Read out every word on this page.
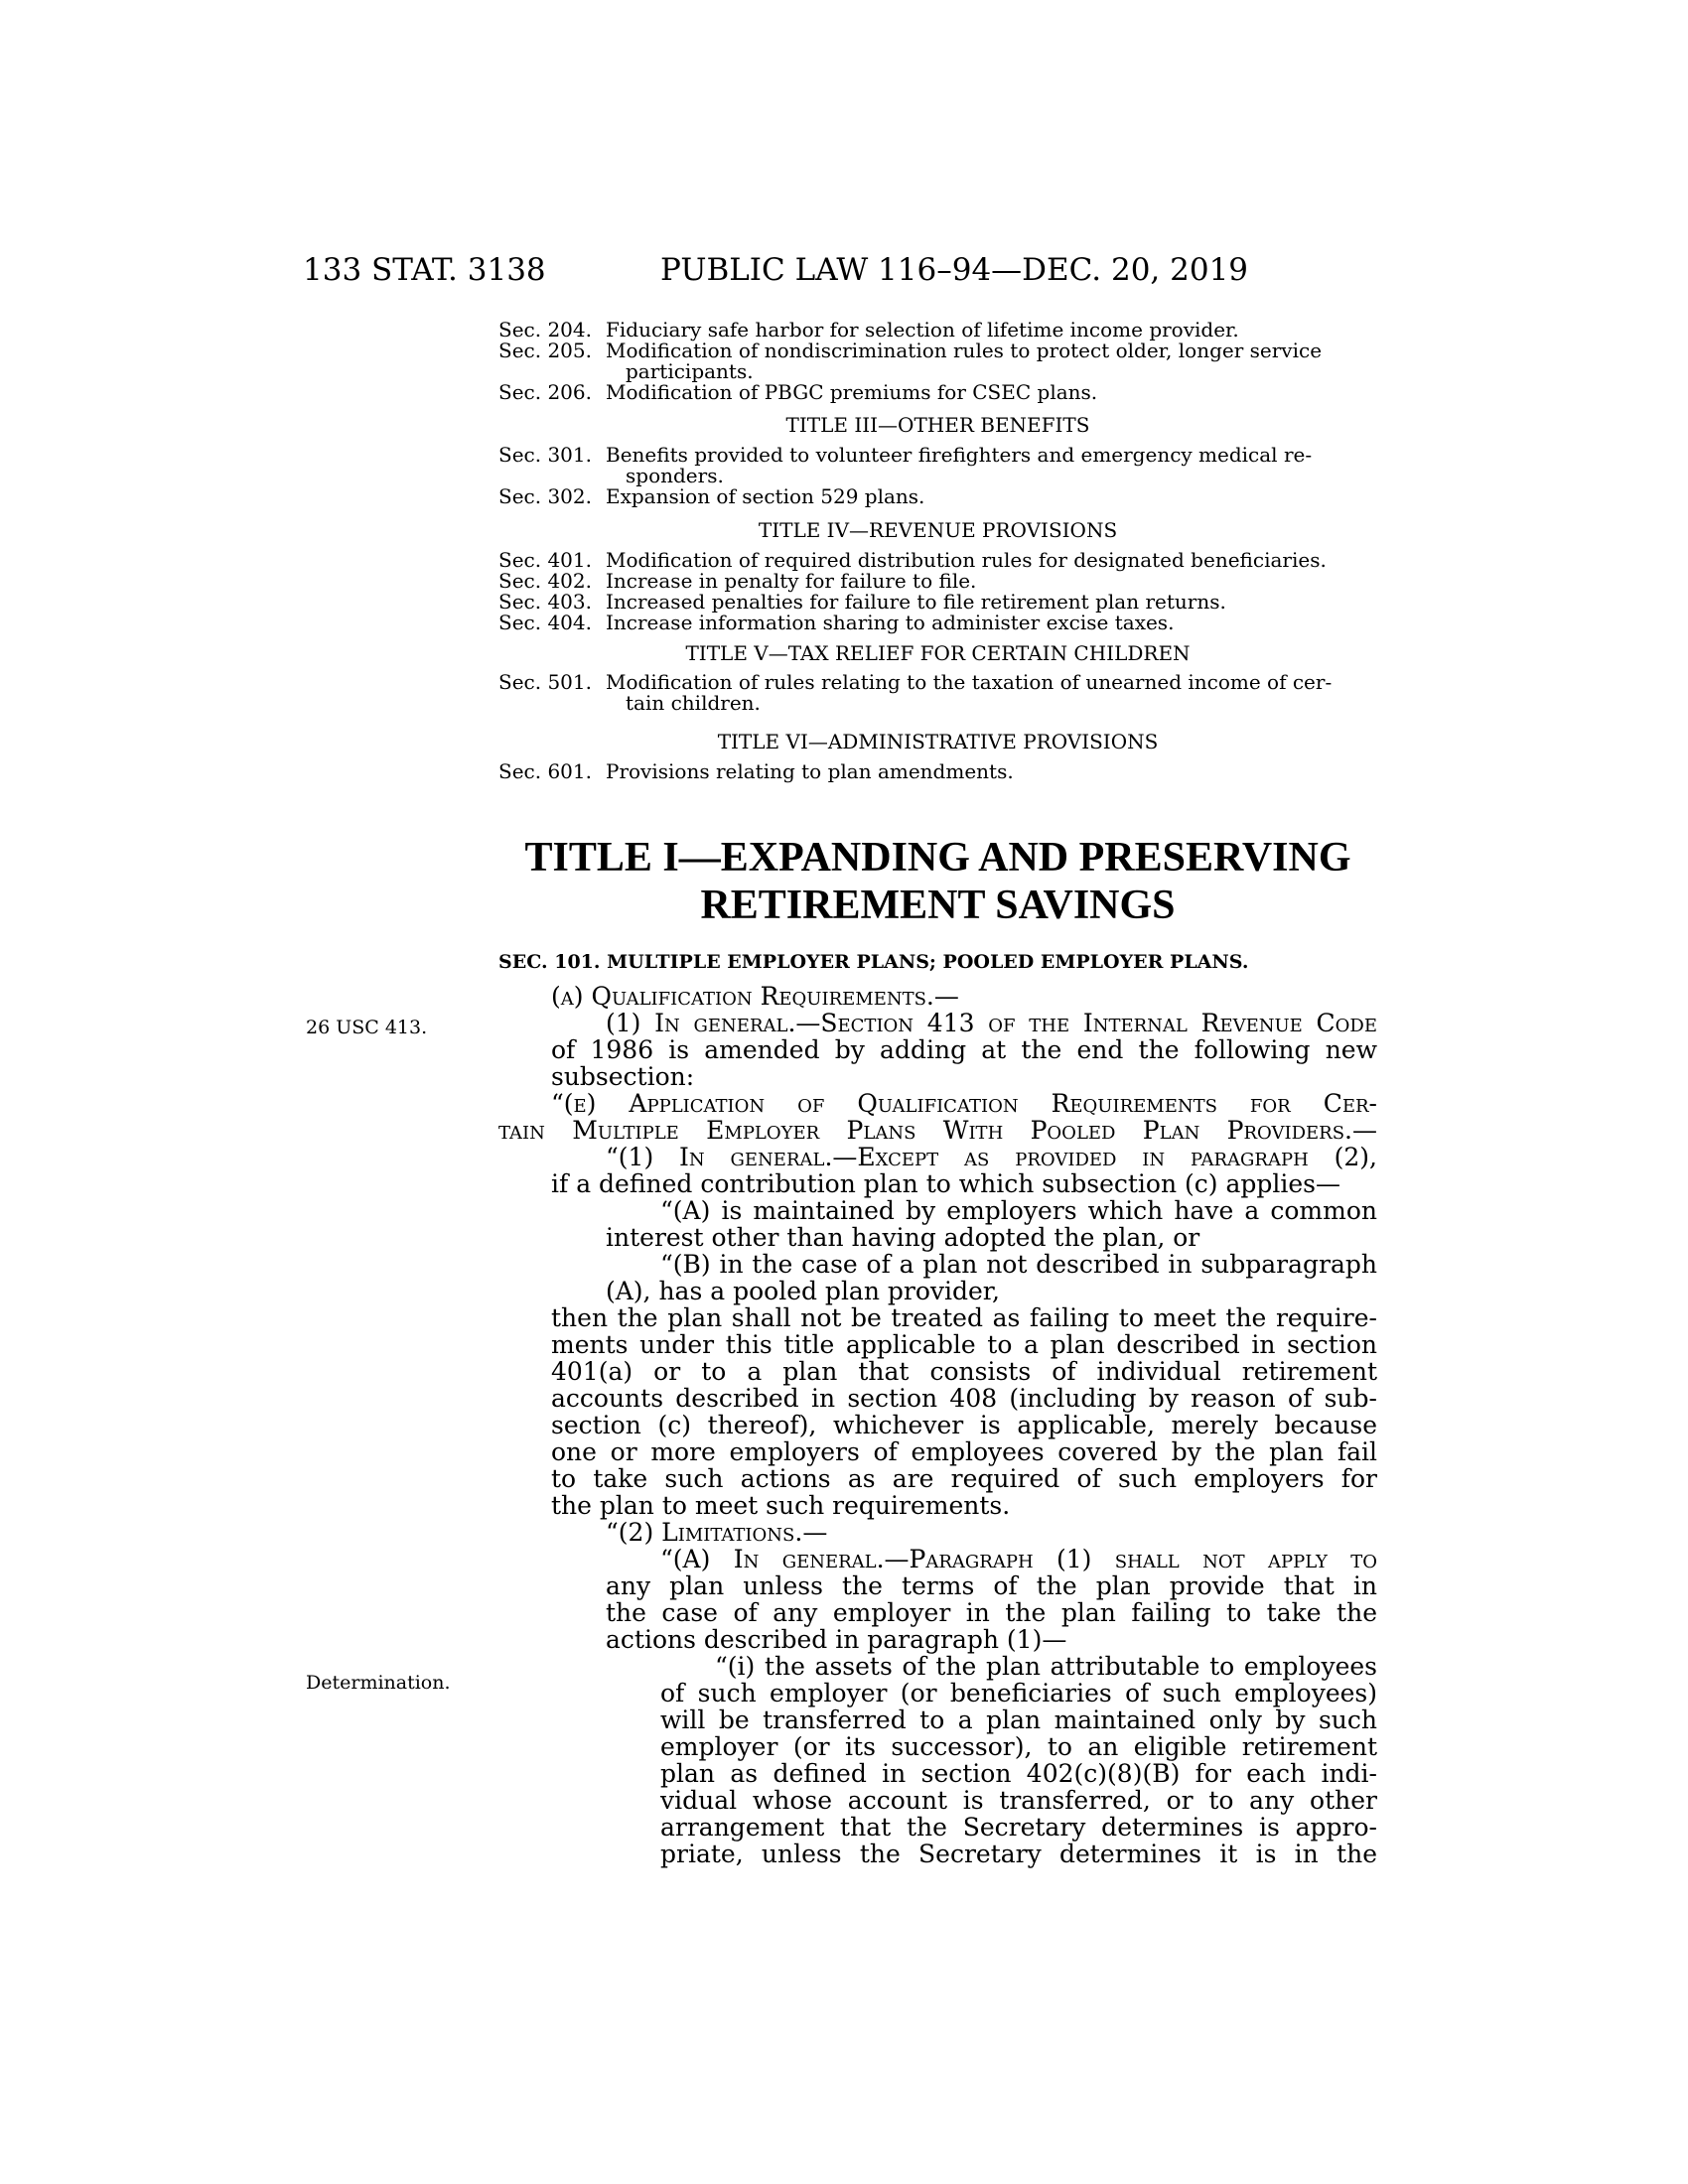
133 STAT. 3138	PUBLIC LAW 116–94—DEC. 20, 2019
Sec. 204. Fiduciary safe harbor for selection of lifetime income provider.
Sec. 205. Modification of nondiscrimination rules to protect older, longer service
participants.
Sec. 206. Modification of PBGC premiums for CSEC plans.
TITLE III—OTHER BENEFITS
Sec. 301. Benefits provided to volunteer firefighters and emergency medical re-
sponders.
Sec. 302. Expansion of section 529 plans.
TITLE IV—REVENUE PROVISIONS
Sec. 401. Modification of required distribution rules for designated beneficiaries.
Sec. 402. Increase in penalty for failure to file.
Sec. 403. Increased penalties for failure to file retirement plan returns.
Sec. 404. Increase information sharing to administer excise taxes.
TITLE V—TAX RELIEF FOR CERTAIN CHILDREN
Sec. 501. Modification of rules relating to the taxation of unearned income of cer-
tain children.
TITLE VI—ADMINISTRATIVE PROVISIONS
Sec. 601. Provisions relating to plan amendments.
TITLE I—EXPANDING AND PRESERVING
RETIREMENT SAVINGS
SEC. 101. MULTIPLE EMPLOYER PLANS; POOLED EMPLOYER PLANS.
26 USC 413.
Determination.
(a) Qualification Requirements.—
(1) In general.—Section 413 of the Internal Revenue Code
of 1986 is amended by adding at the end the following new
subsection:
“(e) Application of Qualification Requirements for Cer-
tain Multiple Employer Plans With Pooled Plan Providers.—
“(1) In general.—Except as provided in paragraph (2),
if a defined contribution plan to which subsection (c) applies—
“(A) is maintained by employers which have a common
interest other than having adopted the plan, or
“(B) in the case of a plan not described in subparagraph
(A), has a pooled plan provider,
then the plan shall not be treated as failing to meet the require-
ments under this title applicable to a plan described in section
401(a) or to a plan that consists of individual retirement
accounts described in section 408 (including by reason of sub-
section (c) thereof), whichever is applicable, merely because
one or more employers of employees covered by the plan fail
to take such actions as are required of such employers for
the plan to meet such requirements.
“(2) Limitations.—
“(A) In general.—Paragraph (1) shall not apply to
any plan unless the terms of the plan provide that in
the case of any employer in the plan failing to take the
actions described in paragraph (1)—
“(i) the assets of the plan attributable to employees
of such employer (or beneficiaries of such employees)
will be transferred to a plan maintained only by such
employer (or its successor), to an eligible retirement
plan as defined in section 402(c)(8)(B) for each indi-
vidual whose account is transferred, or to any other
arrangement that the Secretary determines is appro-
priate, unless the Secretary determines it is in the
